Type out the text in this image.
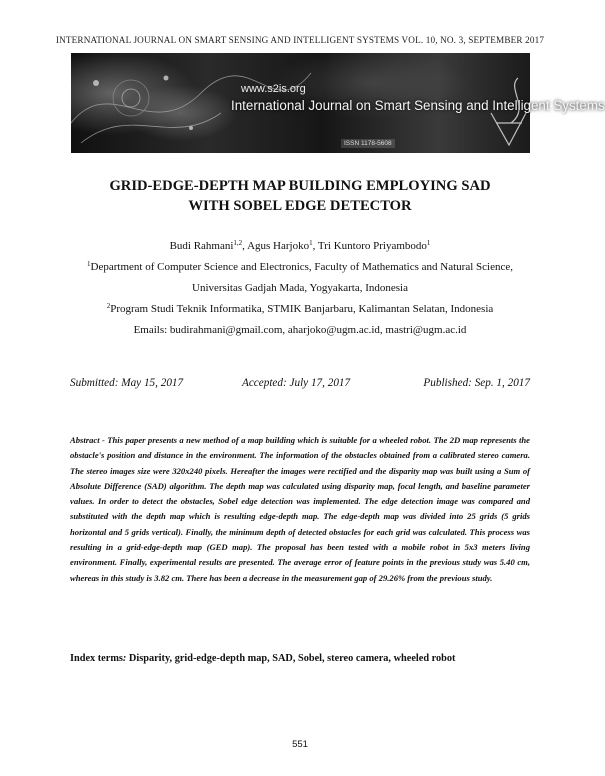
INTERNATIONAL JOURNAL ON SMART SENSING AND INTELLIGENT SYSTEMS VOL. 10, NO. 3, SEPTEMBER 2017
www.s2is.org
International Journal on Smart Sensing and Intelligent Systems
ISSN 1178-5608
GRID-EDGE-DEPTH MAP BUILDING EMPLOYING SAD
WITH SOBEL EDGE DETECTOR
Budi Rahmani$^{1,2}$, Agus Harjoko$^1$, Tri Kuntoro Priyambodo$^1$
$^1$Department of Computer Science and Electronics, Faculty of Mathematics and Natural Science,
Universitas Gadjah Mada, Yogyakarta, Indonesia
$^2$Program Studi Teknik Informatika, STMIK Banjarbaru, Kalimantan Selatan, Indonesia
Emails: budirahmani@gmail.com, aharjoko@ugm.ac.id, mastri@ugm.ac.id
Submitted: May 15, 2017	Accepted: July 17, 2017	Published: Sep. 1, 2017
Abstract - This paper presents a new method of a map building which is suitable for a wheeled robot. The 2D map represents the obstacle's position and distance in the environment. The information of the obstacles obtained from a calibrated stereo camera. The stereo images size were 320x240 pixels. Hereafter the images were rectified and the disparity map was built using a Sum of Absolute Difference (SAD) algorithm. The depth map was calculated using disparity map, focal length, and baseline parameter values. In order to detect the obstacles, Sobel edge detection was implemented. The edge detection image was compared and substituted with the depth map which is resulting edge-depth map. The edge-depth map was divided into 25 grids (5 grids horizontal and 5 grids vertical). Finally, the minimum depth of detected obstacles for each grid was calculated. This process was resulting in a grid-edge-depth map (GED map). The proposal has been tested with a mobile robot in 5x3 meters living environment. Finally, experimental results are presented. The average error of feature points in the previous study was 5.40 cm, whereas in this study is 3.82 cm. There has been a decrease in the measurement gap of 29.26% from the previous study.
Index terms: Disparity, grid-edge-depth map, SAD, Sobel, stereo camera, wheeled robot
551
